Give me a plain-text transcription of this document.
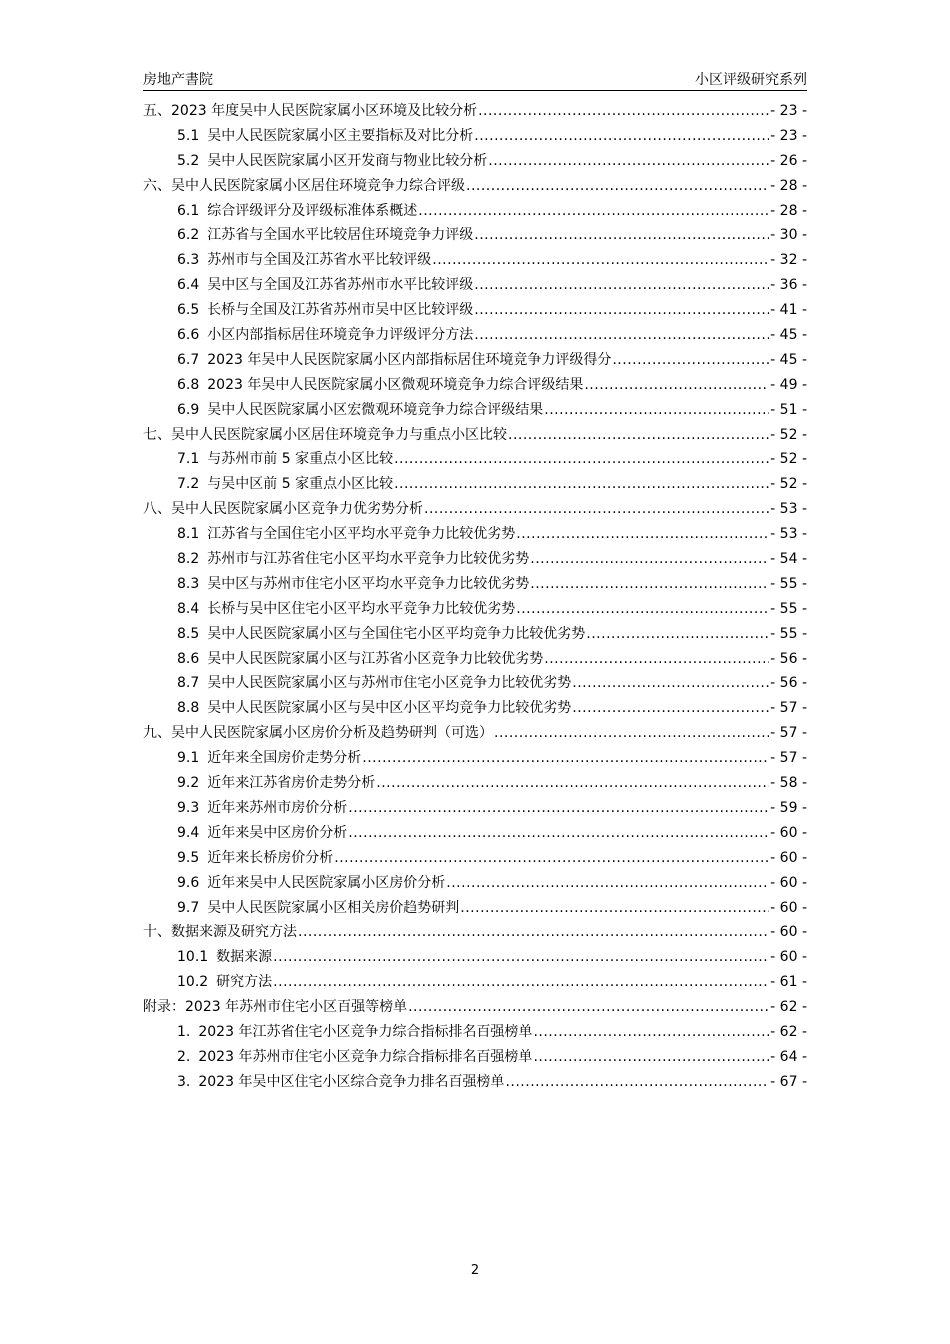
房地产書院	小区评级研究系列
五、2023 年度吴中人民医院家属小区环境及比较分析 .....	- 23 -
5.1 吴中人民医院家属小区主要指标及对比分析 .....	- 23 -
5.2 吴中人民医院家属小区开发商与物业比较分析 .....	- 26 -
六、吴中人民医院家属小区居住环境竞争力综合评级 .....	- 28 -
6.1 综合评级评分及评级标准体系概述 .....	- 28 -
6.2 江苏省与全国水平比较居住环境竞争力评级 .....	- 30 -
6.3 苏州市与全国及江苏省水平比较评级 .....	- 32 -
6.4 吴中区与全国及江苏省苏州市水平比较评级 .....	- 36 -
6.5 长桥与全国及江苏省苏州市吴中区比较评级 .....	- 41 -
6.6 小区内部指标居住环境竞争力评级评分方法 .....	- 45 -
6.7 2023 年吴中人民医院家属小区内部指标居住环境竞争力评级得分 .....	- 45 -
6.8 2023 年吴中人民医院家属小区微观环境竞争力综合评级结果 .....	- 49 -
6.9 吴中人民医院家属小区宏微观环境竞争力综合评级结果 .....	- 51 -
七、吴中人民医院家属小区居住环境竞争力与重点小区比较 .....	- 52 -
7.1 与苏州市前 5 家重点小区比较 .....	- 52 -
7.2 与吴中区前 5 家重点小区比较 .....	- 52 -
八、吴中人民医院家属小区竞争力优劣势分析 .....	- 53 -
8.1 江苏省与全国住宅小区平均水平竞争力比较优劣势 .....	- 53 -
8.2 苏州市与江苏省住宅小区平均水平竞争力比较优劣势 .....	- 54 -
8.3 吴中区与苏州市住宅小区平均水平竞争力比较优劣势 .....	- 55 -
8.4 长桥与吴中区住宅小区平均水平竞争力比较优劣势 .....	- 55 -
8.5 吴中人民医院家属小区与全国住宅小区平均竞争力比较优劣势 .....	- 55 -
8.6 吴中人民医院家属小区与江苏省小区竞争力比较优劣势 .....	- 56 -
8.7 吴中人民医院家属小区与苏州市住宅小区竞争力比较优劣势 .....	- 56 -
8.8 吴中人民医院家属小区与吴中区小区平均竞争力比较优劣势 .....	- 57 -
九、吴中人民医院家属小区房价分析及趋势研判（可选） .....	- 57 -
9.1 近年来全国房价走势分析 .....	- 57 -
9.2 近年来江苏省房价走势分析 .....	- 58 -
9.3 近年来苏州市房价分析 .....	- 59 -
9.4 近年来吴中区房价分析 .....	- 60 -
9.5 近年来长桥房价分析 .....	- 60 -
9.6 近年来吴中人民医院家属小区房价分析 .....	- 60 -
9.7 吴中人民医院家属小区相关房价趋势研判 .....	- 60 -
十、数据来源及研究方法 .....	- 60 -
10.1 数据来源 .....	- 60 -
10.2 研究方法 .....	- 61 -
附录：2023 年苏州市住宅小区百强等榜单 .....	- 62 -
1. 2023 年江苏省住宅小区竞争力综合指标排名百强榜单 .....	- 62 -
2. 2023 年苏州市住宅小区竞争力综合指标排名百强榜单 .....	- 64 -
3. 2023 年吴中区住宅小区综合竞争力排名百强榜单 .....	- 67 -
2
